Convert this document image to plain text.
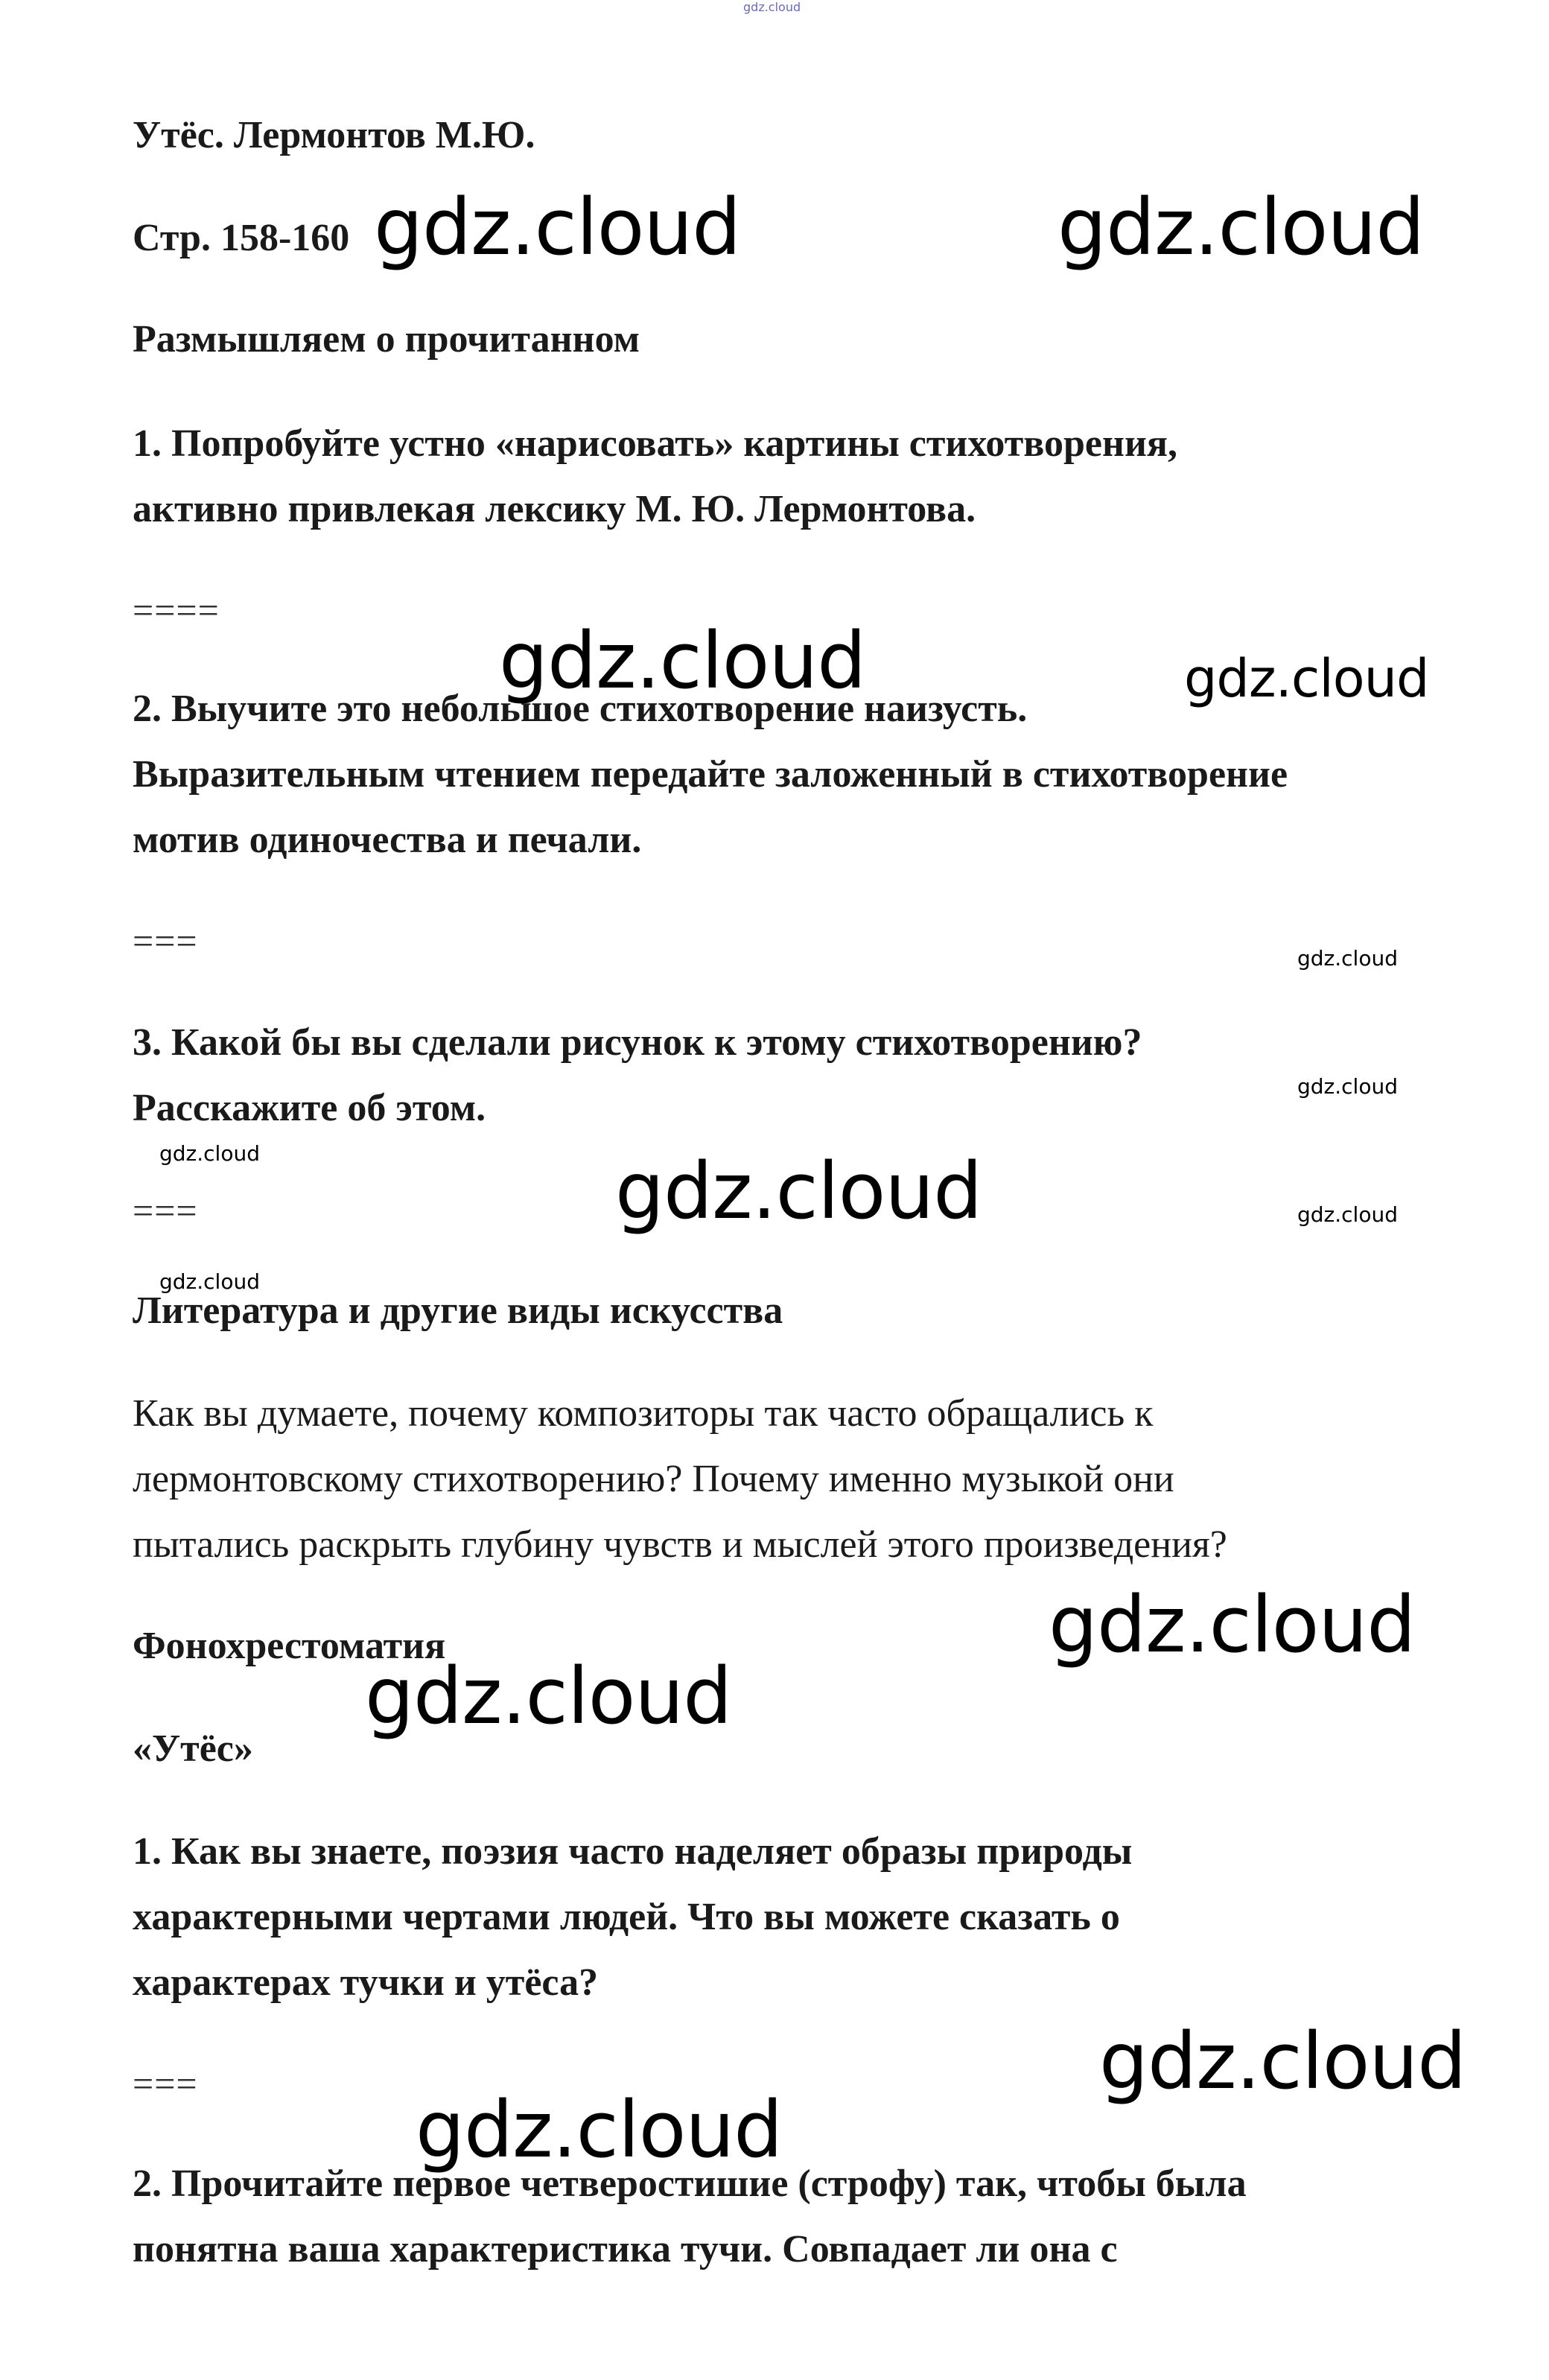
gdz.cloud

Утёс. Лермонтов М.Ю.

Стр. 158-160

Размышляем о прочитанном

1. Попробуйте устно «нарисовать» картины стихотворения,

активно привлекая лексику М. Ю. Лермонтова.

====

2. Выучите это небольшое стихотворение наизусть.

Выразительным чтением передайте заложенный в стихотворение

мотив одиночества и печали.

===

3. Какой бы вы сделали рисунок к этому стихотворению?

Расскажите об этом.

===

Литература и другие виды искусства

Как вы думаете, почему композиторы так часто обращались к

лермонтовскому стихотворению? Почему именно музыкой они

пытались раскрыть глубину чувств и мыслей этого произведения?

Фонохрестоматия

«Утёс»

1. Как вы знаете, поэзия часто наделяет образы природы

характерными чертами людей. Что вы можете сказать о

характерах тучки и утёса?

===

2. Прочитайте первое четверостишие (строфу) так, чтобы была

понятна ваша характеристика тучи. Совпадает ли она с

gdz.cloud	gdz.cloud
gdz.cloud	gdz.cloud
gdz.cloud
gdz.cloud
gdz.cloud	gdz.cloud	gdz.cloud
gdz.cloud
gdz.cloud
gdz.cloud
gdz.cloud
gdz.cloud
